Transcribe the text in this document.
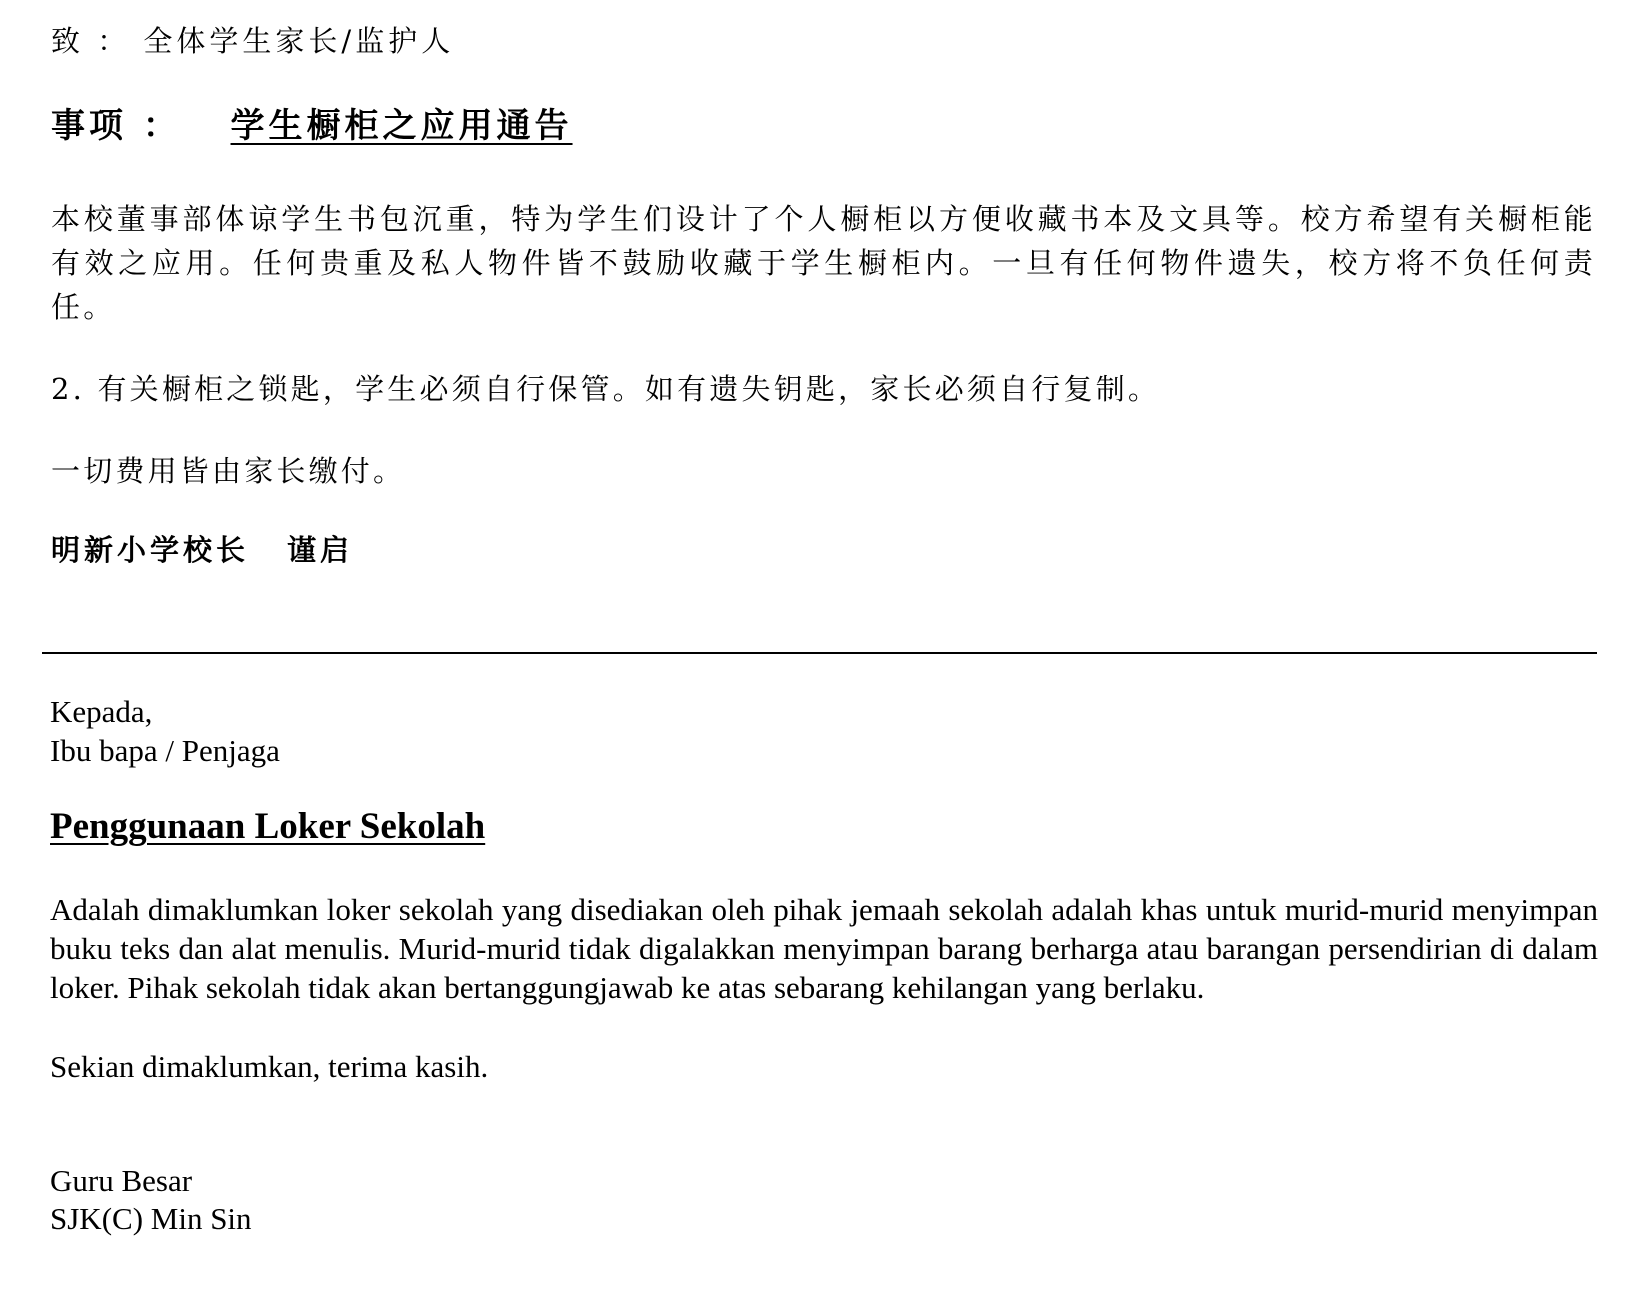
致 ： 全体学生家长/监护人
事项 ： 学生橱柜之应用通告
本校董事部体谅学生书包沉重，特为学生们设计了个人橱柜以方便收藏书本及文具等。校方希望有关橱柜能有效之应用。任何贵重及私人物件皆不鼓励收藏于学生橱柜内。一旦有任何物件遗失，校方将不负任何责任。
2. 有关橱柜之锁匙，学生必须自行保管。如有遗失钥匙，家长必须自行复制。
一切费用皆由家长缴付。
明新小学校长 谨启
Kepada,
Ibu bapa / Penjaga
Penggunaan Loker Sekolah
Adalah dimaklumkan loker sekolah yang disediakan oleh pihak jemaah sekolah adalah khas untuk murid-murid menyimpan buku teks dan alat menulis. Murid-murid tidak digalakkan menyimpan barang berharga atau barangan persendirian di dalam loker. Pihak sekolah tidak akan bertanggungjawab ke atas sebarang kehilangan yang berlaku.
Sekian dimaklumkan, terima kasih.
Guru Besar
SJK(C) Min Sin
